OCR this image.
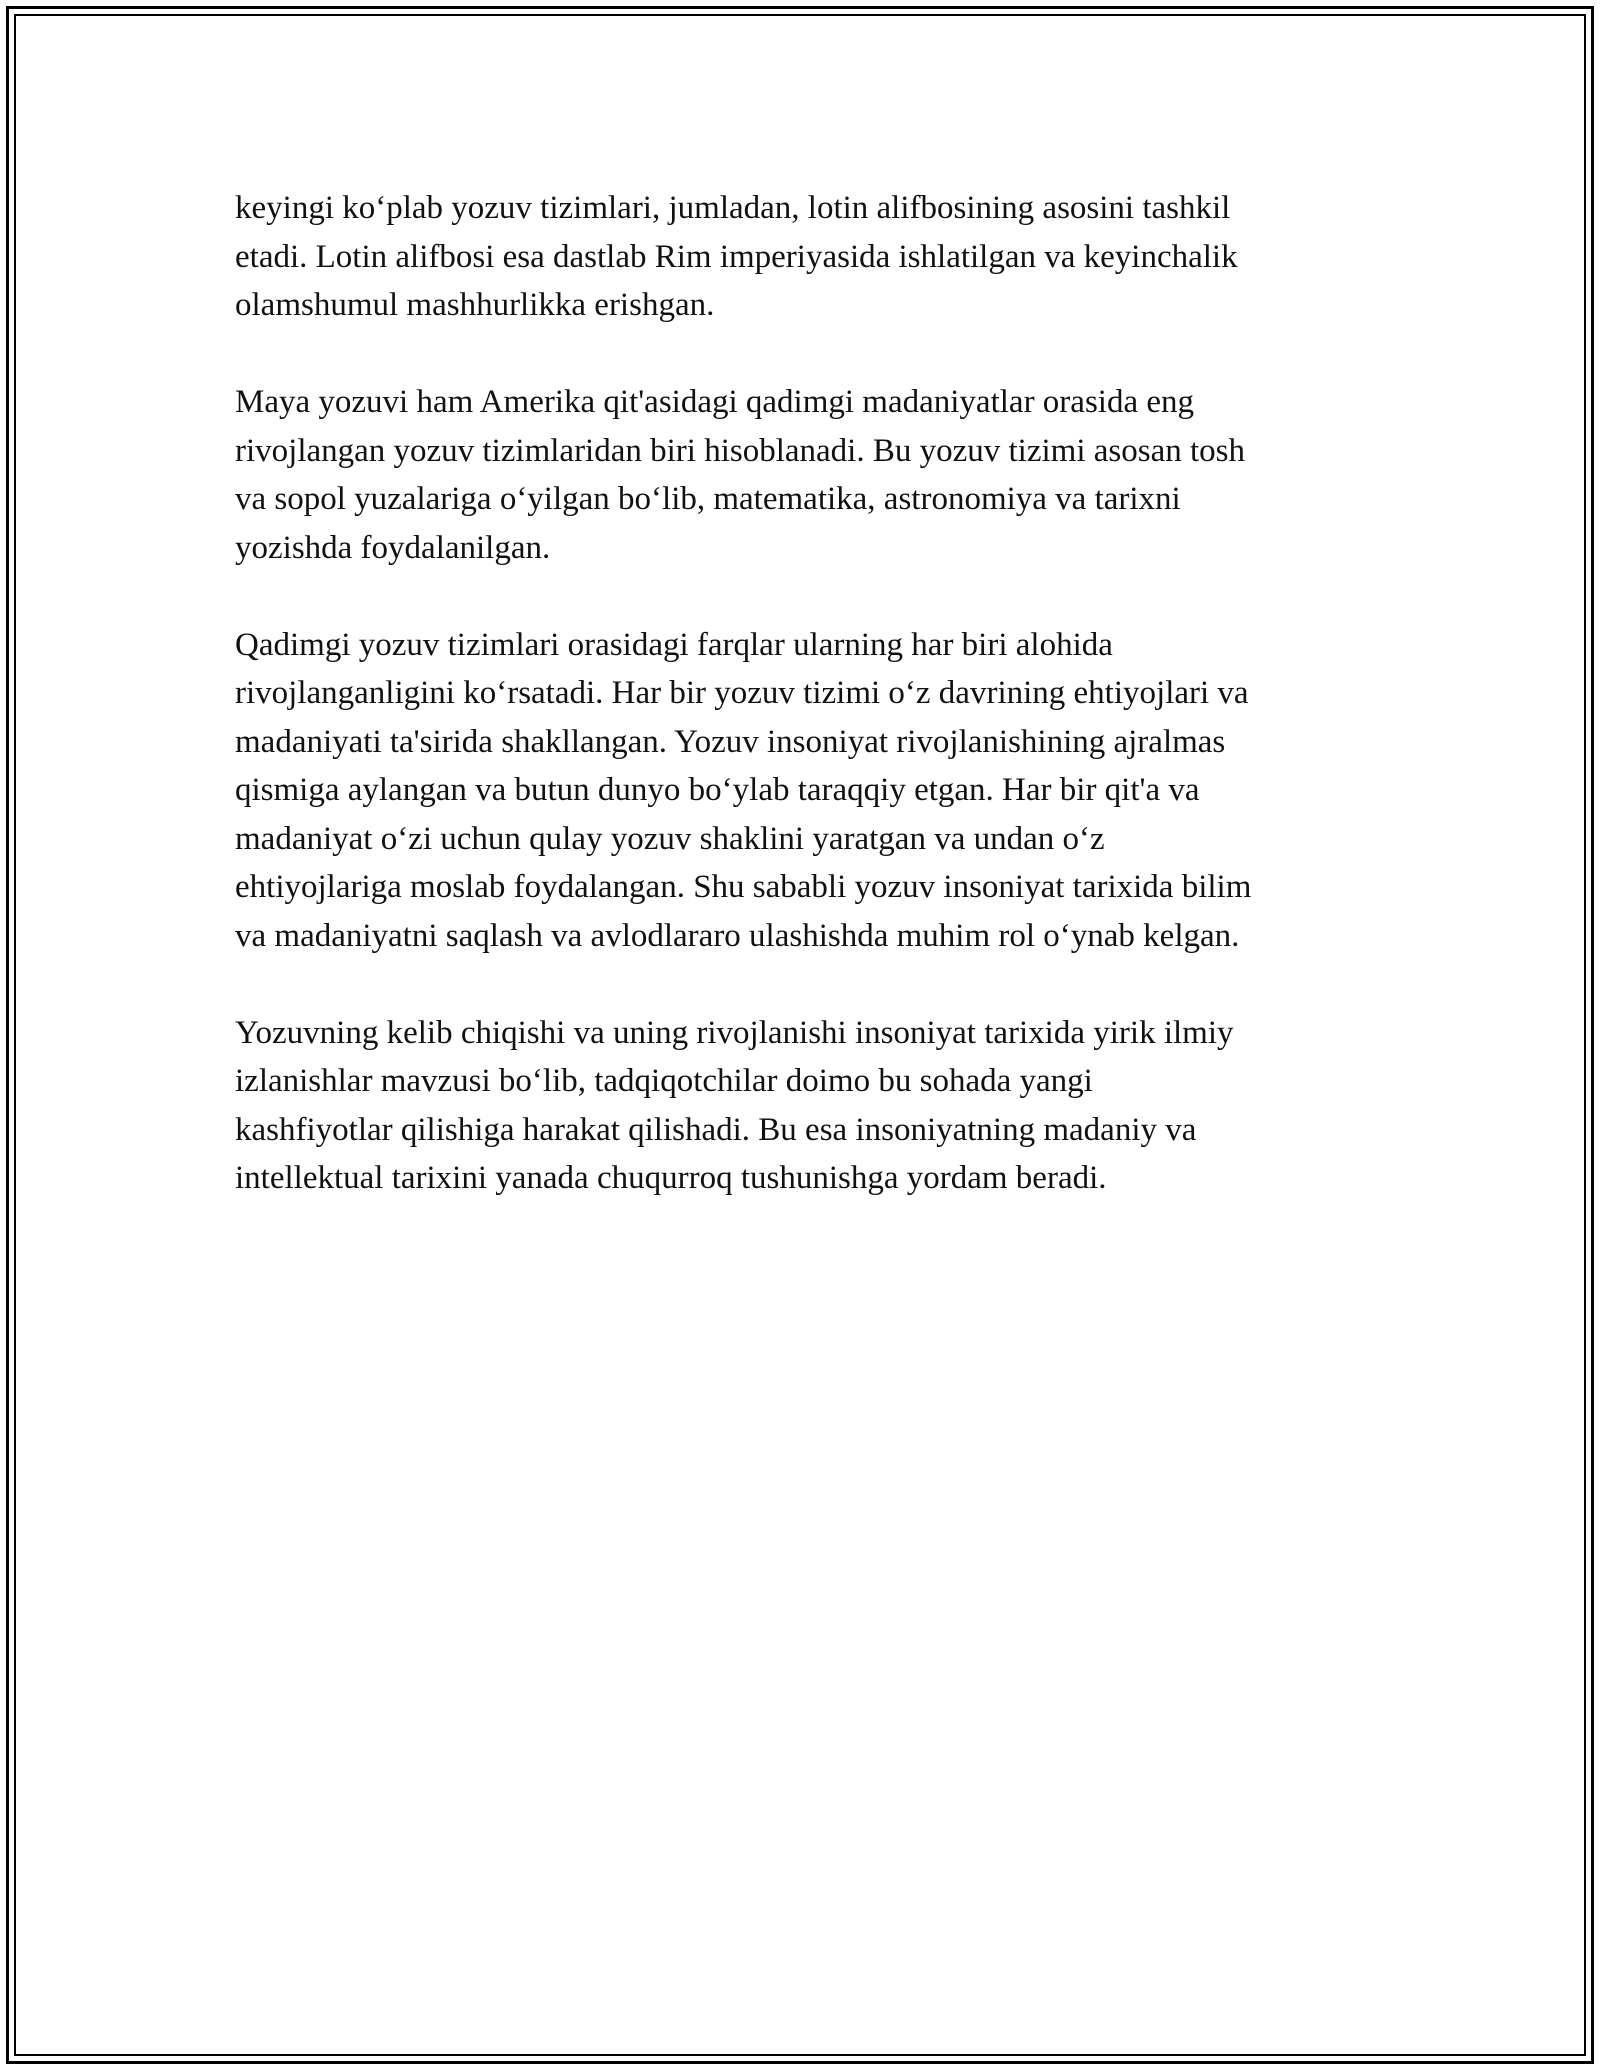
keyingi ko‘plab yozuv tizimlari, jumladan, lotin alifbosining asosini tashkil
etadi. Lotin alifbosi esa dastlab Rim imperiyasida ishlatilgan va keyinchalik
olamshumul mashhurlikka erishgan.

Maya yozuvi ham Amerika qit'asidagi qadimgi madaniyatlar orasida eng
rivojlangan yozuv tizimlaridan biri hisoblanadi. Bu yozuv tizimi asosan tosh
va sopol yuzalariga o‘yilgan bo‘lib, matematika, astronomiya va tarixni
yozishda foydalanilgan.

Qadimgi yozuv tizimlari orasidagi farqlar ularning har biri alohida
rivojlanganligini ko‘rsatadi. Har bir yozuv tizimi o‘z davrining ehtiyojlari va
madaniyati ta'sirida shakllangan. Yozuv insoniyat rivojlanishining ajralmas
qismiga aylangan va butun dunyo bo‘ylab taraqqiy etgan. Har bir qit'a va
madaniyat o‘zi uchun qulay yozuv shaklini yaratgan va undan o‘z
ehtiyojlariga moslab foydalangan. Shu sababli yozuv insoniyat tarixida bilim
va madaniyatni saqlash va avlodlararo ulashishda muhim rol o‘ynab kelgan.

Yozuvning kelib chiqishi va uning rivojlanishi insoniyat tarixida yirik ilmiy
izlanishlar mavzusi bo‘lib, tadqiqotchilar doimo bu sohada yangi
kashfiyotlar qilishiga harakat qilishadi. Bu esa insoniyatning madaniy va
intellektual tarixini yanada chuqurroq tushunishga yordam beradi.
